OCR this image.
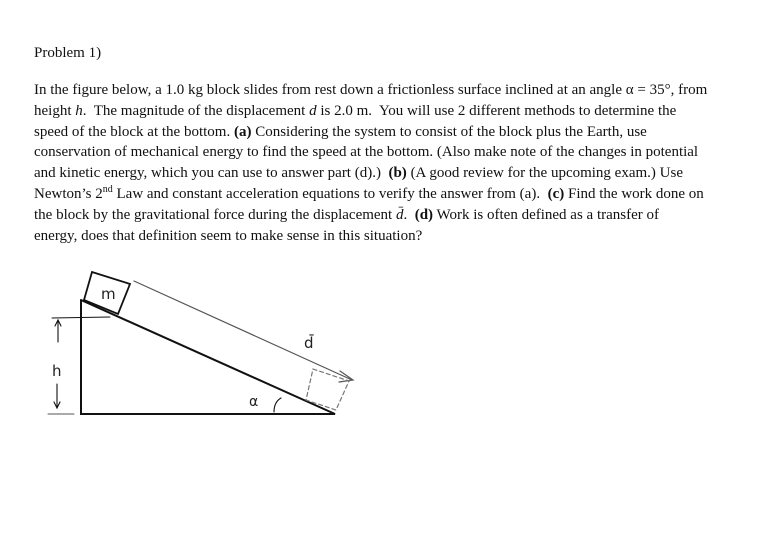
Problem 1)
In the figure below, a 1.0 kg block slides from rest down a frictionless surface inclined at an angle α = 35°, from
height h.  The magnitude of the displacement d is 2.0 m.  You will use 2 different methods to determine the
speed of the block at the bottom. (a) Considering the system to consist of the block plus the Earth, use
conservation of mechanical energy to find the speed at the bottom. (Also make note of the changes in potential
and kinetic energy, which you can use to answer part (d).)  (b) (A good review for the upcoming exam.) Use
Newton’s 2nd Law and constant acceleration equations to verify the answer from (a).  (c) Find the work done on
the block by the gravitational force during the displacement d̄.  (d) Work is often defined as a transfer of
energy, does that definition seem to make sense in this situation?
m
h
α
d̄
